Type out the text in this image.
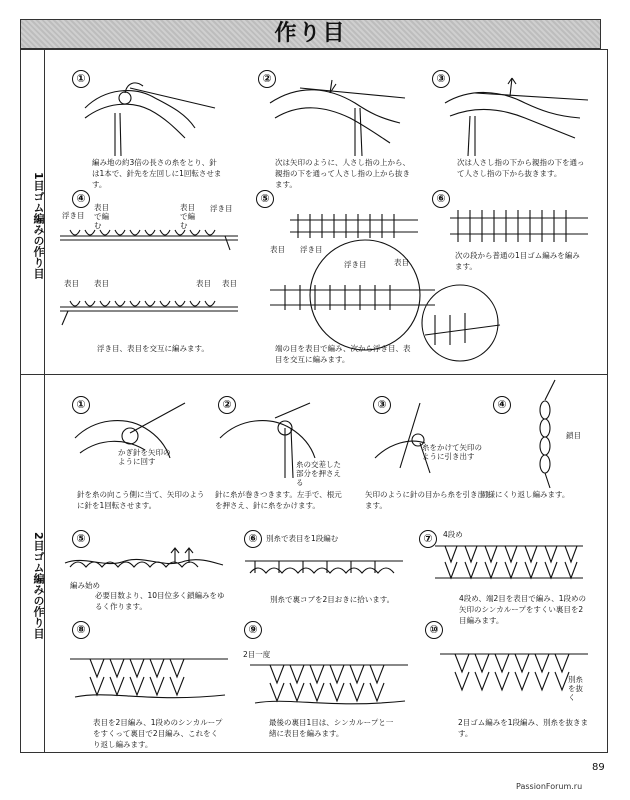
作り目
1目ゴム編みの作り目
2目ゴム編みの作り目
①
編み地の約3倍の長さの糸をとり、針は1本で、針先を左回しに1回転させます。
②
次は矢印のように、人さし指の上から、親指の下を通って人さし指の上から抜きます。
③
次は人さし指の下から親指の下を通って人さし指の下から抜きます。
④
浮き目
表目で編む
表目で編む
浮き目
表目 表目	表目 表目
浮き目、表目を交互に編みます。
⑤
表目	浮き目
浮き目	表目
端の目を表目で編み、次から浮き目、表目を交互に編みます。
⑥
次の段から普通の1目ゴム編みを編みます。
①
かぎ針を矢印のように回す
針を糸の向こう側に当て、矢印のように針を1回転させます。
②
糸の交差した部分を押さえる
針に糸が巻きつきます。左手で、根元を押さえ、針に糸をかけます。
③
糸をかけて矢印のように引き出す
矢印のように針の目から糸を引き出します。
④
鎖目
同様にくり返し編みます。
⑤
編み始め
必要目数より、10目位多く鎖編みをゆるく作ります。
⑥	別糸で表目を1段編む
別糸で裏コブを2目おきに拾います。
⑦	4段め
4段め、端2目を表目で編み、1段めの矢印のシンカループをすくい裏目を2目編みます。
⑧
表目を2目編み、1段めのシンカループをすくって裏目で2目編み、これをくり返し編みます。
⑨
2目一度
最後の裏目1目は、シンカループと一緒に表目を編みます。
⑩
別糸を抜く
2目ゴム編みを1段編み、別糸を抜きます。
89
PassionForum.ru
